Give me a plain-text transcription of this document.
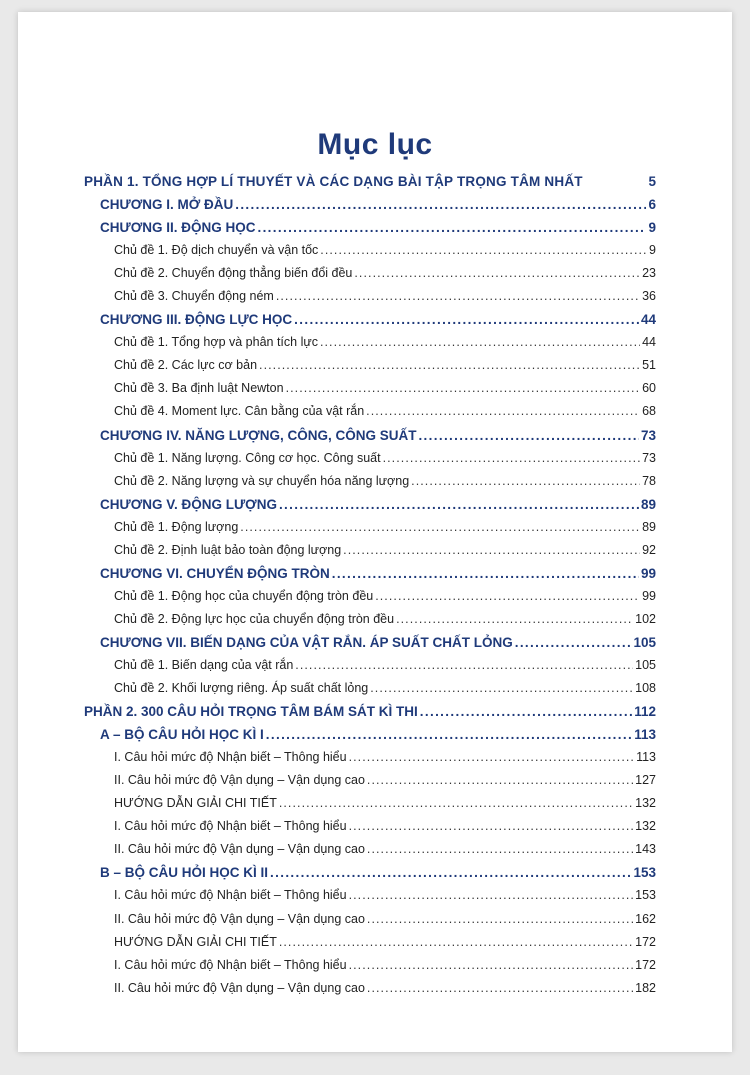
Mục lục
PHẦN 1. TỔNG HỢP LÍ THUYẾT VÀ CÁC DẠNG BÀI TẬP TRỌNG TÂM NHẤT	5
CHƯƠNG I. MỞ ĐẦU . . .	6
CHƯƠNG II. ĐỘNG HỌC . . .	9
Chủ đề 1. Độ dịch chuyển và vận tốc . . .	9
Chủ đề 2. Chuyển động thẳng biến đổi đều . . .	23
Chủ đề 3. Chuyển động ném . . .	36
CHƯƠNG III. ĐỘNG LỰC HỌC . . .	44
Chủ đề 1. Tổng hợp và phân tích lực . . .	44
Chủ đề 2. Các lực cơ bản . . .	51
Chủ đề 3. Ba định luật Newton . . .	60
Chủ đề 4. Moment lực. Cân bằng của vật rắn . . .	68
CHƯƠNG IV. NĂNG LƯỢNG, CÔNG, CÔNG SUẤT . . .	73
Chủ đề 1. Năng lượng. Công cơ học. Công suất . . .	73
Chủ đề 2. Năng lượng và sự chuyển hóa năng lượng . . .	78
CHƯƠNG V. ĐỘNG LƯỢNG . . .	89
Chủ đề 1. Động lượng . . .	89
Chủ đề 2. Định luật bảo toàn động lượng . . .	92
CHƯƠNG VI. CHUYỂN ĐỘNG TRÒN . . .	99
Chủ đề 1. Động học của chuyển động tròn đều . . .	99
Chủ đề 2. Động lực học của chuyển động tròn đều . . .	102
CHƯƠNG VII. BIẾN DẠNG CỦA VẬT RẮN. ÁP SUẤT CHẤT LỎNG . . .	105
Chủ đề 1. Biến dạng của vật rắn . . .	105
Chủ đề 2. Khối lượng riêng. Áp suất chất lỏng . . .	108
PHẦN 2. 300 CÂU HỎI TRỌNG TÂM BÁM SÁT KÌ THI . . .	112
A – BỘ CÂU HỎI HỌC KÌ I . . .	113
I. Câu hỏi mức độ Nhận biết – Thông hiểu . . .	113
II. Câu hỏi mức độ Vận dụng – Vận dụng cao . . .	127
HƯỚNG DẪN GIẢI CHI TIẾT . . .	132
I. Câu hỏi mức độ Nhận biết – Thông hiểu . . .	132
II. Câu hỏi mức độ Vận dụng – Vận dụng cao . . .	143
B – BỘ CÂU HỎI HỌC KÌ II . . .	153
I. Câu hỏi mức độ Nhận biết – Thông hiểu . . .	153
II. Câu hỏi mức độ Vận dụng – Vận dụng cao . . .	162
HƯỚNG DẪN GIẢI CHI TIẾT . . .	172
I. Câu hỏi mức độ Nhận biết – Thông hiểu . . .	172
II. Câu hỏi mức độ Vận dụng – Vận dụng cao . . .	182
